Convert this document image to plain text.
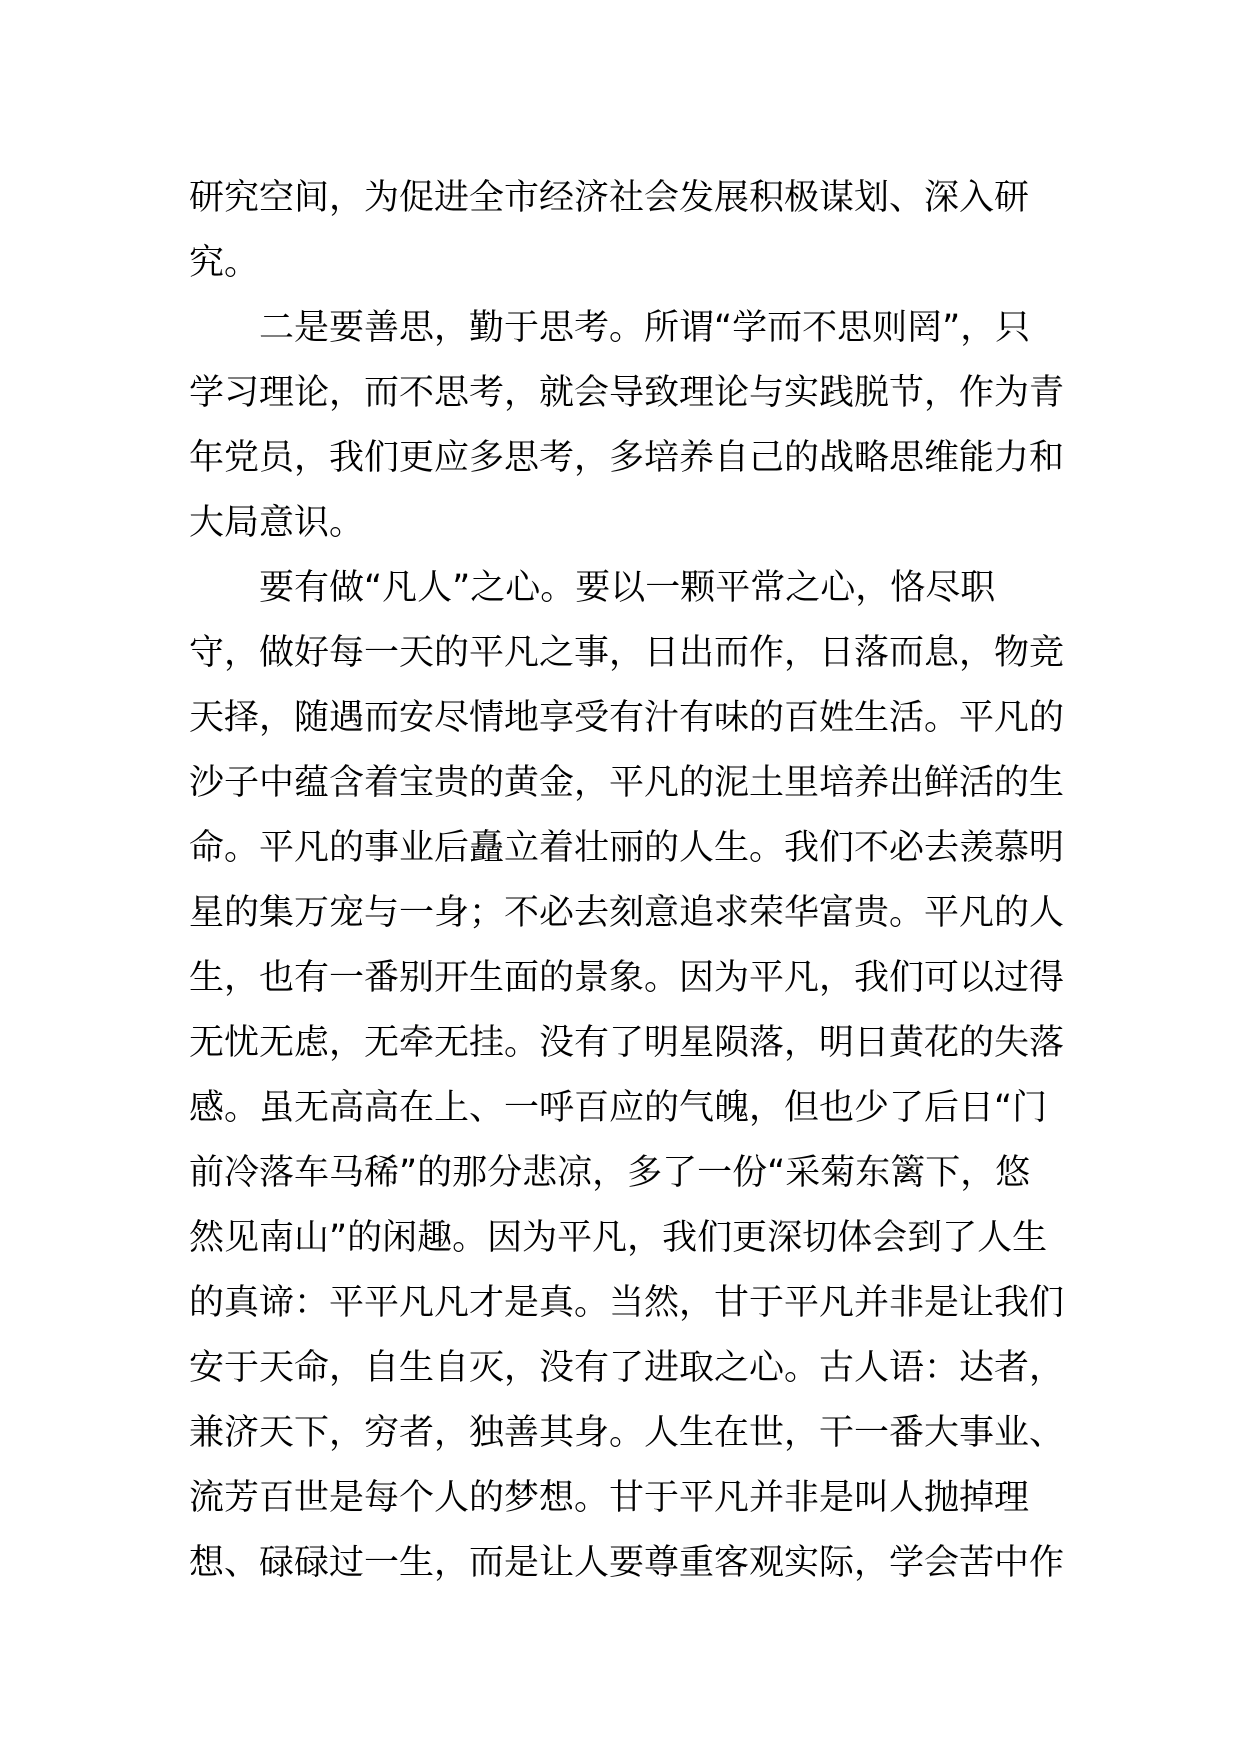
研究空间，为促进全市经济社会发展积极谋划、深入研
究。
二是要善思，勤于思考。所谓“学而不思则罔”，只
学习理论，而不思考，就会导致理论与实践脱节，作为青
年党员，我们更应多思考，多培养自己的战略思维能力和
大局意识。
要有做“凡人”之心。要以一颗平常之心，恪尽职
守，做好每一天的平凡之事，日出而作，日落而息，物竞
天择，随遇而安尽情地享受有汁有味的百姓生活。平凡的
沙子中蕴含着宝贵的黄金，平凡的泥土里培养出鲜活的生
命。平凡的事业后矗立着壮丽的人生。我们不必去羡慕明
星的集万宠与一身；不必去刻意追求荣华富贵。平凡的人
生，也有一番别开生面的景象。因为平凡，我们可以过得
无忧无虑，无牵无挂。没有了明星陨落，明日黄花的失落
感。虽无高高在上、一呼百应的气魄，但也少了后日“门
前冷落车马稀”的那分悲凉，多了一份“采菊东篱下，悠
然见南山”的闲趣。因为平凡，我们更深切体会到了人生
的真谛：平平凡凡才是真。当然，甘于平凡并非是让我们
安于天命，自生自灭，没有了进取之心。古人语：达者，
兼济天下，穷者，独善其身。人生在世，干一番大事业、
流芳百世是每个人的梦想。甘于平凡并非是叫人抛掉理
想、碌碌过一生，而是让人要尊重客观实际，学会苦中作
